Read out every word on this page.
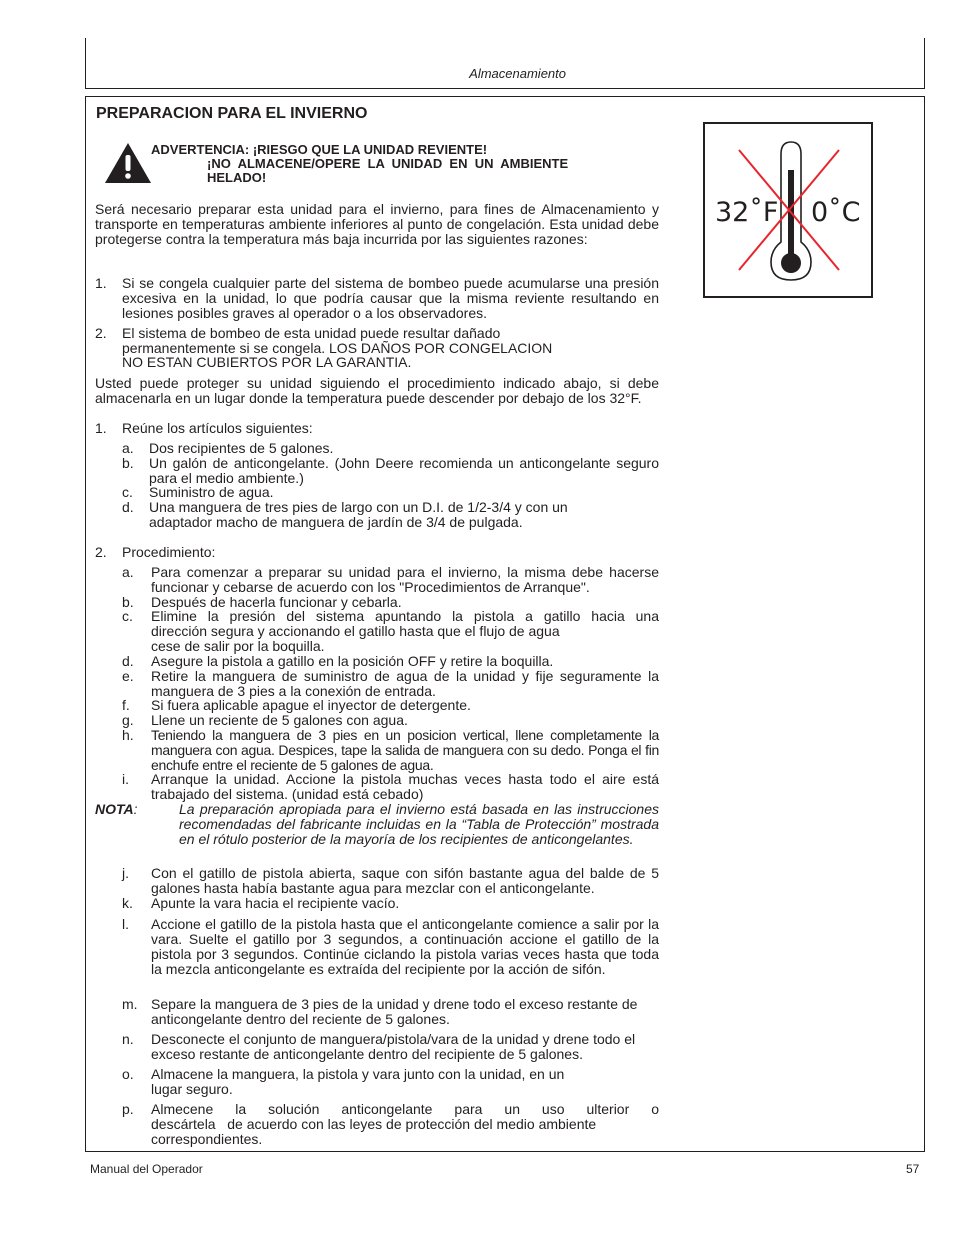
Almacenamiento
PREPARACION PARA EL INVIERNO
ADVERTENCIA: ¡RIESGO QUE LA UNIDAD REVIENTE!
¡NO  ALMACENE/OPERE  LA  UNIDAD  EN  UN  AMBIENTE
HELADO!
32˚F 0˚C

Será necesario preparar esta unidad para el invierno, para fines de Almacenamiento y transporte en temperaturas ambiente inferiores al punto de congelación. Esta unidad debe protegerse contra la temperatura más baja incurrida por las siguientes razones:

1. Si se congela cualquier parte del sistema de bombeo puede acumularse una presión excesiva en la unidad, lo que podría causar que la misma reviente resultando en lesiones posibles graves al operador o a los observadores.

2. El sistema de bombeo de esta unidad puede resultar dañado
permanentemente si se congela. LOS DAÑOS POR CONGELACION
NO ESTAN CUBIERTOS POR LA GARANTIA.

Usted puede proteger su unidad siguiendo el procedimiento indicado abajo, si debe almacenarla en un lugar donde la temperatura puede descender por debajo de los 32°F.

1. Reúne los artículos siguientes:
a. Dos recipientes de 5 galones.

b. Un galón de anticongelante. (John Deere recomienda un anticongelante seguro para el medio ambiente.)

c. Suministro de agua.

d. Una manguera de tres pies de largo con un D.I. de 1/2-3/4 y con un
adaptador macho de manguera de jardín de 3/4 de pulgada.
2. Procedimiento:
a. Para comenzar a preparar su unidad para el invierno, la misma debe hacerse funcionar y cebarse de acuerdo con los "Procedimientos de Arranque".

b. Después de hacerla funcionar y cebarla.

c. Elimine la presión del sistema apuntando la pistola a gatillo hacia una
dirección segura y accionando el gatillo hasta que el flujo de agua
cese de salir por la boquilla.
d. Asegure la pistola a gatillo en la posición OFF y retire la boquilla.

e. Retire la manguera de suministro de agua de la unidad y fije seguramente la manguera de 3 pies a la conexión de entrada.

f. Si fuera aplicable apague el inyector de detergente.

g. Llene un reciente de 5 galones con agua.

h. Teniendo la manguera de 3 pies en un posicion vertical, llene completamente la manguera con agua. Despices, tape la salida de manguera con su dedo. Ponga el fin enchufe entre el reciente de 5 galones de agua.

i. Arranque la unidad. Accione la pistola muchas veces hasta todo el aire está trabajado del sistema. (unidad está cebado)

NOTA:	La preparación apropiada para el invierno está basada en las instrucciones recomendadas del fabricante incluidas en la “Tabla de Protección” mostrada en el rótulo posterior de la mayoría de los recipientes de anticongelantes.

j. Con el gatillo de pistola abierta, saque con sifón bastante agua del balde de 5 galones hasta había bastante agua para mezclar con el anticongelante.

k. Apunte la vara hacia el recipiente vacío.

l. Accione el gatillo de la pistola hasta que el anticongelante comience a salir por la vara. Suelte el gatillo por 3 segundos, a continuación accione el gatillo de la pistola por 3 segundos. Continúe ciclando la pistola varias veces hasta que toda la mezcla anticongelante es extraída del recipiente por la acción de sifón.

m. Separe la manguera de 3 pies de la unidad y drene todo el exceso restante de anticongelante dentro del reciente de 5 galones.

n. Desconecte el conjunto de manguera/pistola/vara de la unidad y drene todo el exceso restante de anticongelante dentro del recipiente de 5 galones.

o. Almacene la manguera, la pistola y vara junto con la unidad, en un
lugar seguro.
p. Almecene la solución anticongelante para un uso ulterior o
descártela   de acuerdo con las leyes de protección del medio ambiente
correspondientes.
Manual del Operador	57
